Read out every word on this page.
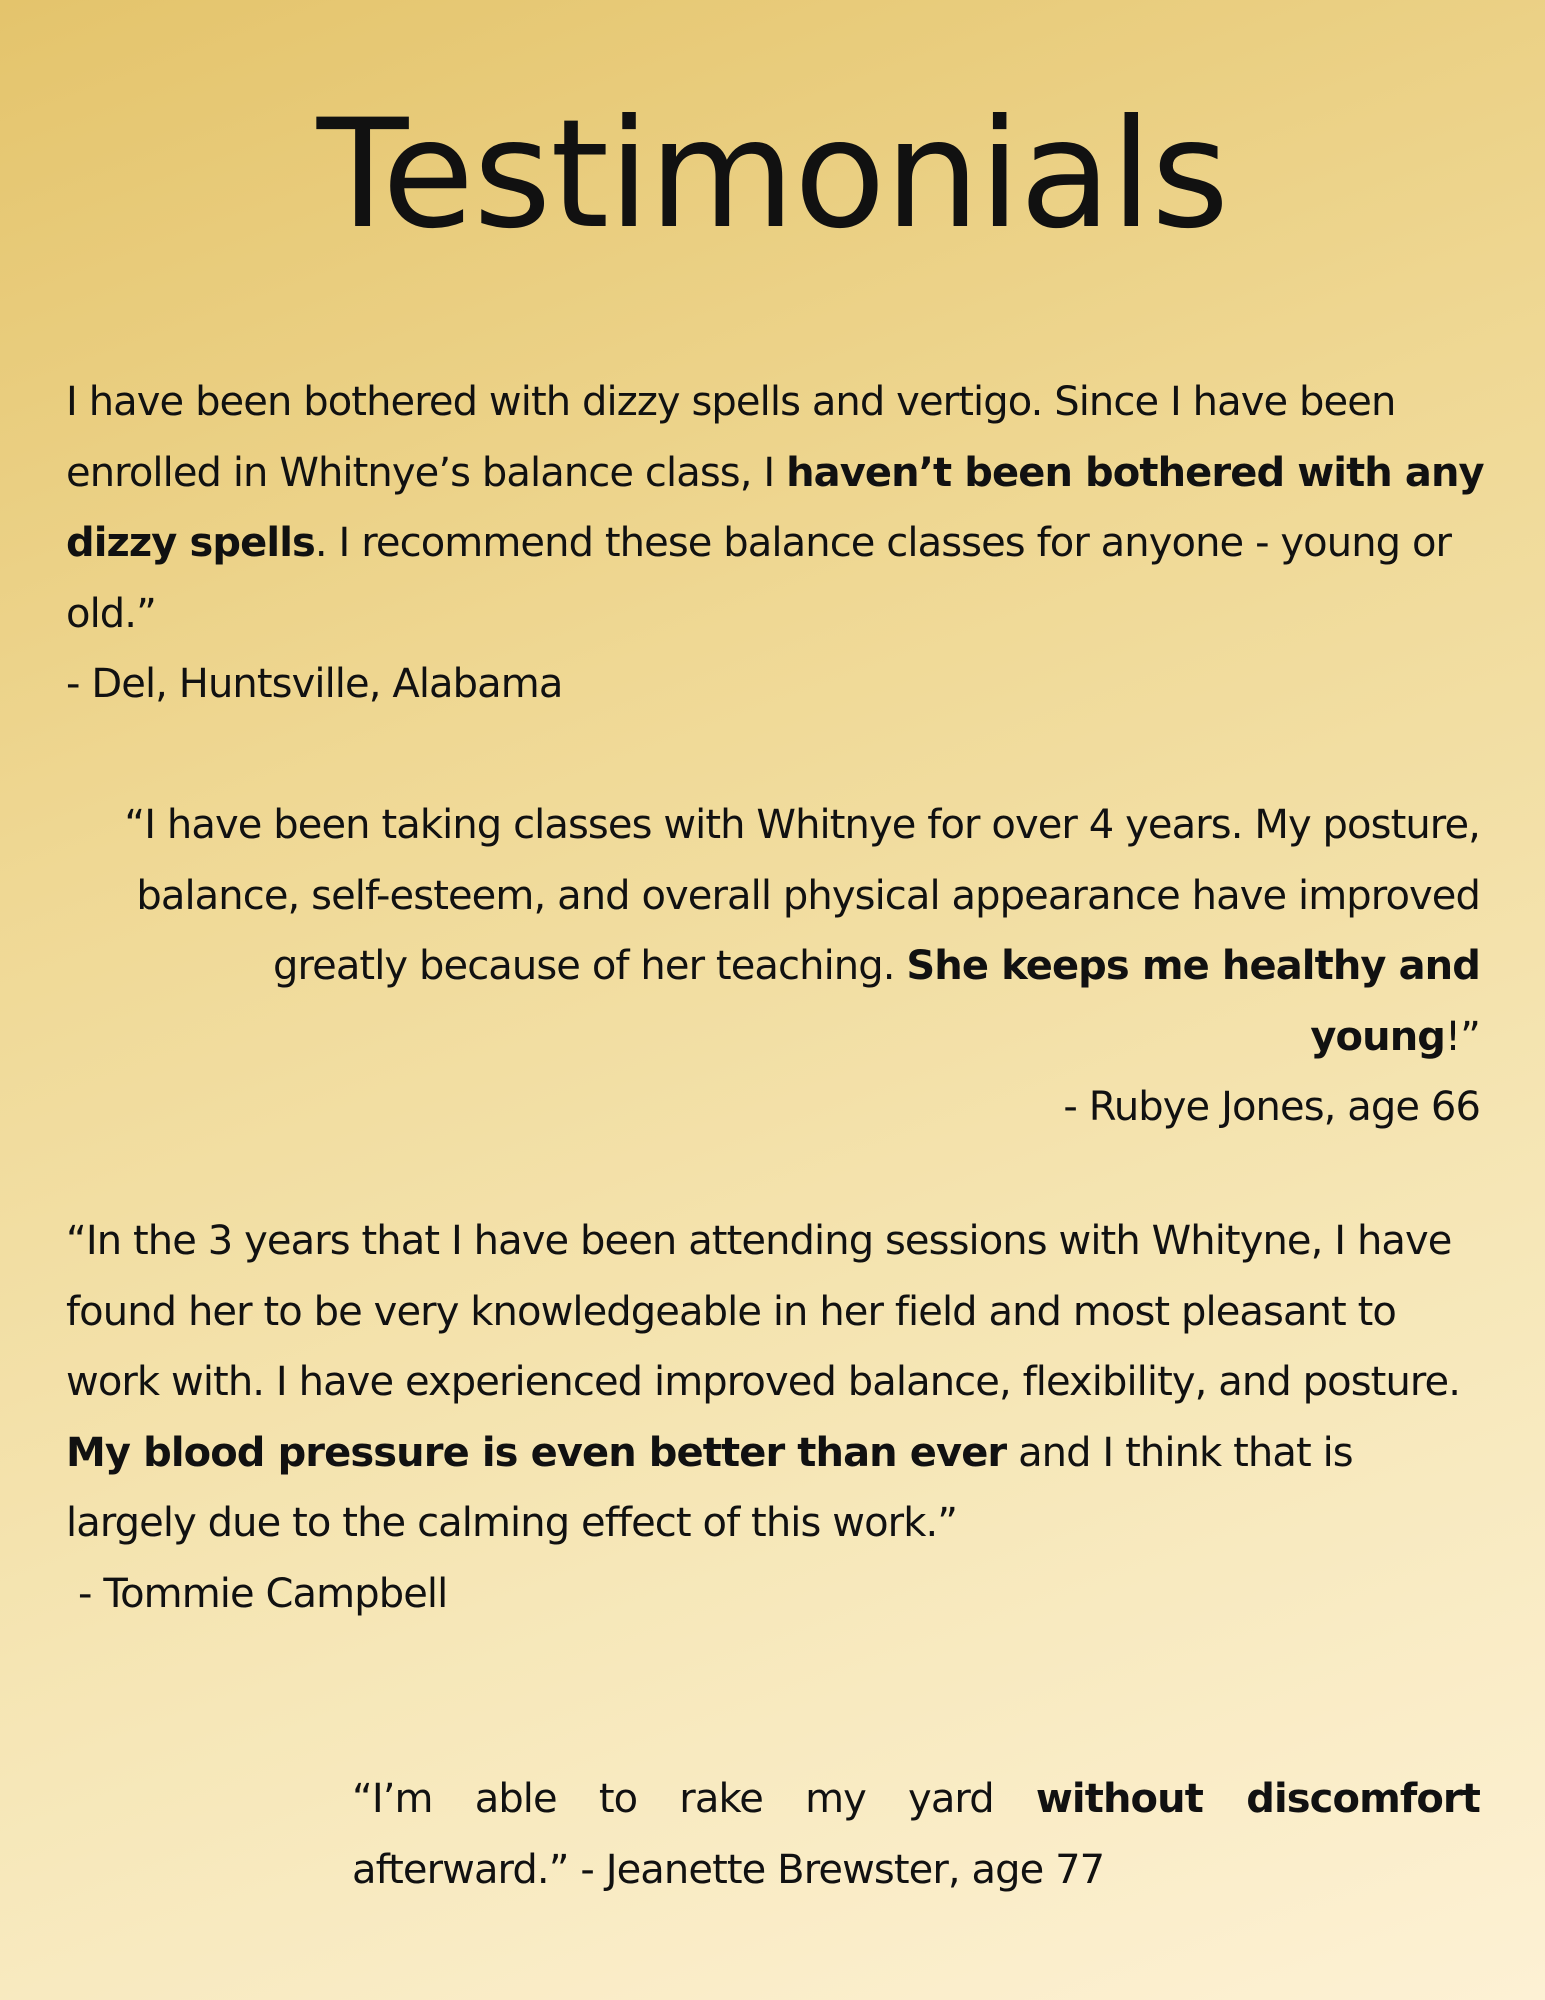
Testimonials

I have been bothered with dizzy spells and vertigo. Since I have been enrolled in Whitnye’s balance class, I haven’t been bothered with any dizzy spells. I recommend these balance classes for anyone - young or old.”

- Del, Huntsville, Alabama

“I have been taking classes with Whitnye for over 4 years. My posture, balance, self-esteem, and overall physical appearance have improved greatly because of her teaching. She keeps me healthy and young!”

- Rubye Jones, age 66

“In the 3 years that I have been attending sessions with Whityne, I have found her to be very knowledgeable in her field and most pleasant to work with. I have experienced improved balance, flexibility, and posture. My blood pressure is even better than ever and I think that is largely due to the calming effect of this work.”

- Tommie Campbell

“I’m able to rake my yard without discomfort afterward.” - Jeanette Brewster, age 77
